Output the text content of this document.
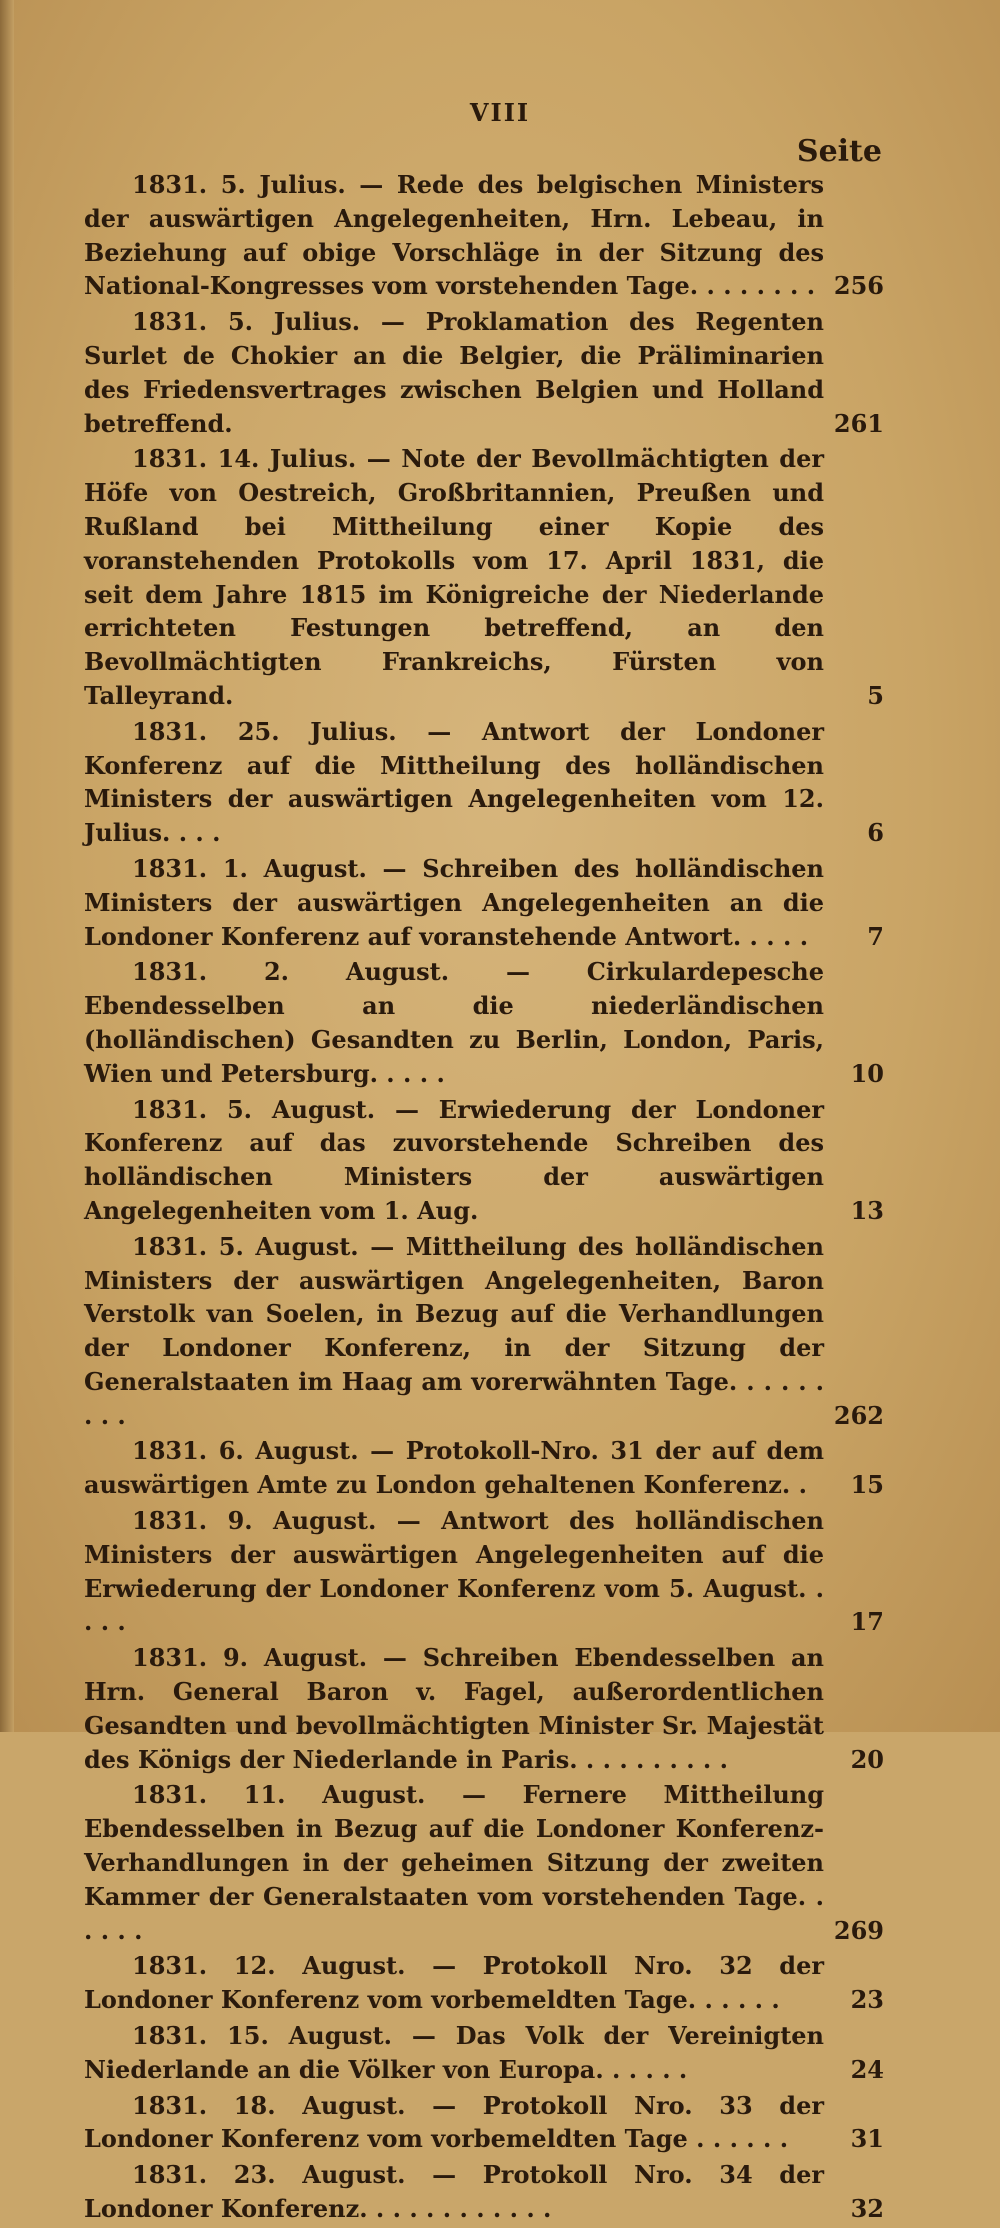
VIII
Seite
1831. 5. Julius. — Rede des belgischen Ministers der auswärtigen Angelegenheiten, Hrn. Lebeau, in Beziehung auf obige Vorschläge in der Sitzung des National-Kongresses vom vorstehenden Tage. . . . . . . . 256
1831. 5. Julius. — Proklamation des Regenten Surlet de Chokier an die Belgier, die Präliminarien des Friedensvertrages zwischen Belgien und Holland betreffend.	261
1831. 14. Julius. — Note der Bevollmächtigten der Höfe von Oestreich, Großbritannien, Preußen und Rußland bei Mittheilung einer Kopie des voranstehenden Protokolls vom 17. April 1831, die seit dem Jahre 1815 im Königreiche der Niederlande errichteten Festungen betreffend, an den Bevollmächtigten Frankreichs, Fürsten von Talleyrand.	5
1831. 25. Julius. — Antwort der Londoner Konferenz auf die Mittheilung des holländischen Ministers der auswärtigen Angelegenheiten vom 12. Julius. . . .	6
1831. 1. August. — Schreiben des holländischen Ministers der auswärtigen Angelegenheiten an die Londoner Konferenz auf voranstehende Antwort. . . . .	7
1831. 2. August. — Cirkulardepesche Ebendesselben an die niederländischen (holländischen) Gesandten zu Berlin, London, Paris, Wien und Petersburg. . . . .	10
1831. 5. August. — Erwiederung der Londoner Konferenz auf das zuvorstehende Schreiben des holländischen Ministers der auswärtigen Angelegenheiten vom 1. Aug.	13
1831. 5. August. — Mittheilung des holländischen Ministers der auswärtigen Angelegenheiten, Baron Verstolk van Soelen, in Bezug auf die Verhandlungen der Londoner Konferenz, in der Sitzung der Generalstaaten im Haag am vorerwähnten Tage. . . . . . . . .	262
1831. 6. August. — Protokoll-Nro. 31 der auf dem auswärtigen Amte zu London gehaltenen Konferenz. .	15
1831. 9. August. — Antwort des holländischen Ministers der auswärtigen Angelegenheiten auf die Erwiederung der Londoner Konferenz vom 5. August. . . . .	17
1831. 9. August. — Schreiben Ebendesselben an Hrn. General Baron v. Fagel, außerordentlichen Gesandten und bevollmächtigten Minister Sr. Majestät des Königs der Niederlande in Paris. . . . . . . . . .	20
1831. 11. August. — Fernere Mittheilung Ebendesselben in Bezug auf die Londoner Konferenz-Verhandlungen in der geheimen Sitzung der zweiten Kammer der Generalstaaten vom vorstehenden Tage. . . . . .	269
1831. 12. August. — Protokoll Nro. 32 der Londoner Konferenz vom vorbemeldten Tage. . . . . .	23
1831. 15. August. — Das Volk der Vereinigten Niederlande an die Völker von Europa. . . . . .	24
1831. 18. August. — Protokoll Nro. 33 der Londoner Konferenz vom vorbemeldten Tage . . . . . .	31
1831. 23. August. — Protokoll Nro. 34 der Londoner Konferenz. . . . . . . . . . . .	32
